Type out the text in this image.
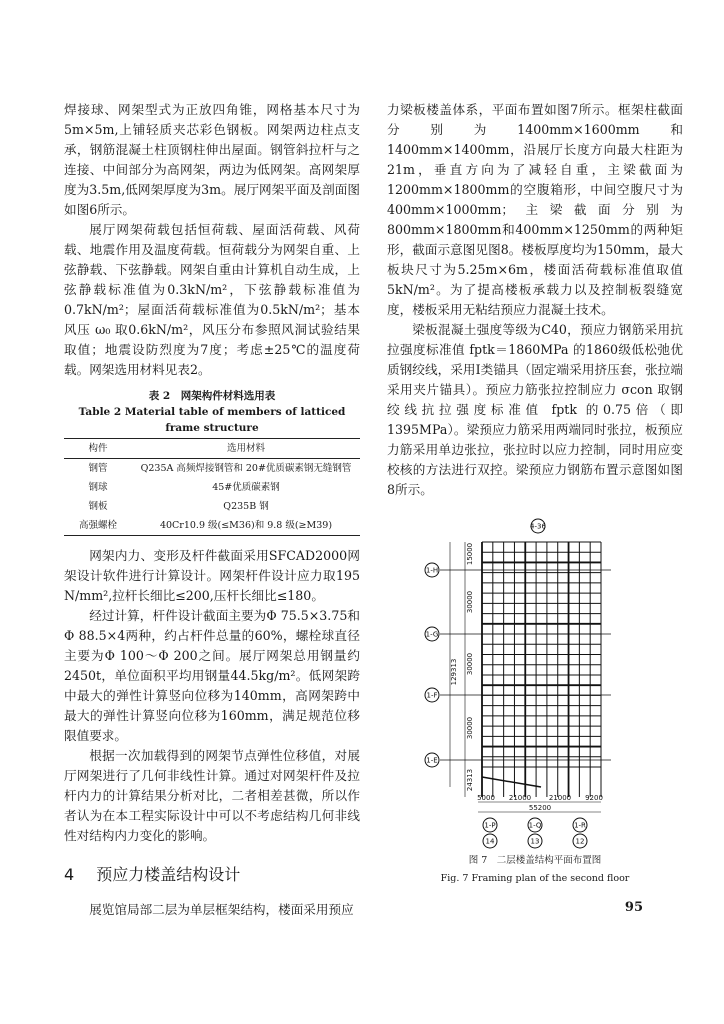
焊接球、网架型式为正放四角锥，网格基本尺寸为5m×5m,上铺轻质夹芯彩色钢板。网架两边柱点支承，钢筋混凝土柱顶钢柱伸出屋面。钢管斜拉杆与之连接、中间部分为高网架，两边为低网架。高网架厚度为3.5m,低网架厚度为3m。展厅网架平面及剖面图如图6所示。

展厅网架荷载包括恒荷载、屋面活荷载、风荷载、地震作用及温度荷载。恒荷载分为网架自重、上弦静载、下弦静载。网架自重由计算机自动生成，上弦静载标准值为0.3kN/m²，下弦静载标准值为0.7kN/m²；屋面活荷载标准值为0.5kN/m²；基本风压 ω₀ 取0.6kN/m²，风压分布参照风洞试验结果取值；地震设防烈度为7度；考虑±25℃的温度荷载。网架选用材料见表2。

表 2　网架构件材料选用表
Table 2 Material table of members of latticed
frame structure
构件	选用材料
钢管	Q235A 高频焊接钢管和 20#优质碳素钢无缝钢管
钢球	45#优质碳素钢
钢板	Q235B 钢
高强螺栓	40Cr10.9 级(≤M36)和 9.8 级(≥M39)

网架内力、变形及杆件截面采用SFCAD2000网架设计软件进行计算设计。网架杆件设计应力取195 N/mm²,拉杆长细比≤200,压杆长细比≤180。

经过计算，杆件设计截面主要为Φ 75.5×3.75和Φ 88.5×4两种，约占杆件总量的60%，螺栓球直径主要为Φ 100～Φ 200之间。展厅网架总用钢量约2450t，单位面积平均用钢量44.5kg/m²。低网架跨中最大的弹性计算竖向位移为140mm，高网架跨中最大的弹性计算竖向位移为160mm，满足规范位移限值要求。

根据一次加载得到的网架节点弹性位移值，对展厅网架进行了几何非线性计算。通过对网架杆件及拉杆内力的计算结果分析对比，二者相差甚微，所以作者认为在本工程实际设计中可以不考虑结构几何非线性对结构内力变化的影响。

4 预应力楼盖结构设计

展览馆局部二层为单层框架结构，楼面采用预应

力梁板楼盖体系，平面布置如图7所示。框架柱截面分别为1400mm×1600mm和1400mm×1400mm，沿展厅长度方向最大柱距为21m，垂直方向为了减轻自重，主梁截面为1200mm×1800mm的空腹箱形，中间空腹尺寸为400mm×1000mm；主梁截面分别为800mm×1800mm和400mm×1250mm的两种矩形，截面示意图见图8。楼板厚度均为150mm，最大板块尺寸为5.25m×6m，楼面活荷载标准值取值5kN/m²。为了提高楼板承载力以及控制板裂缝宽度，楼板采用无粘结预应力混凝土技术。

梁板混凝土强度等级为C40，预应力钢筋采用抗拉强度标准值 fptk＝1860MPa 的1860级低松弛优质钢绞线，采用I类锚具（固定端采用挤压套，张拉端采用夹片锚具）。预应力筋张拉控制应力 σcon 取钢绞线抗拉强度标准值 fptk 的0.75倍（即1395MPa）。梁预应力筋采用两端同时张拉，板预应力筋采用单边张拉，张拉时以应力控制，同时用应变校核的方法进行双控。梁预应力钢筋布置示意图如图8所示。

1-H
1-G
1-F
1-E
4-36
15000
30000
30000
30000
24313
129313
5000 21000	21000 9200
55200
1-P
14
1-Q
13
1-R
12
图 7　二层楼盖结构平面布置图
Fig. 7 Framing plan of the second floor
95
